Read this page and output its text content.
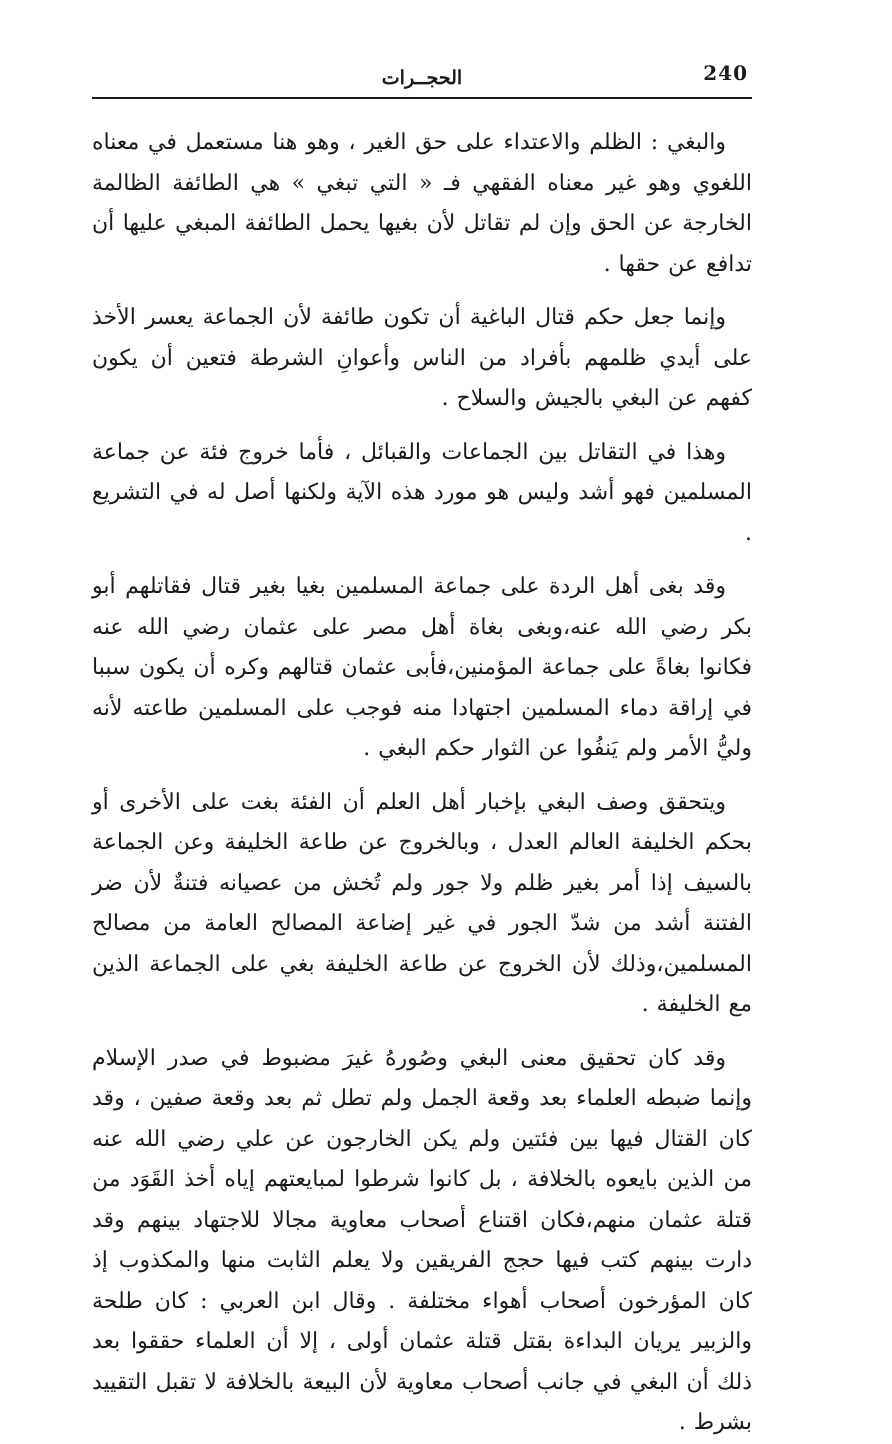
الحجــرات	240

والبغي : الظلم والاعتداء على حق الغير ، وهو هنا مستعمل في معناه اللغوي وهو غير معناه الفقهي فـ « التي تبغي » هي الطائفة الظالمة الخارجة عن الحق وإن لم تقاتل لأن بغيها يحمل الطائفة المبغي عليها أن تدافع عن حقها .

وإنما جعل حكم قتال الباغية أن تكون طائفة لأن الجماعة يعسر الأخذ على أيدي ظلمهم بأفراد من الناس وأعوانِ الشرطة فتعين أن يكون كفهم عن البغي بالجيش والسلاح .

وهذا في التقاتل بين الجماعات والقبائل ، فأما خروج فئة عن جماعة المسلمين فهو أشد وليس هو مورد هذه الآية ولكنها أصل له في التشريع .

وقد بغى أهل الردة على جماعة المسلمين بغيا بغير قتال فقاتلهم أبو بكر رضي الله عنه،وبغى بغاة أهل مصر على عثمان رضي الله عنه فكانوا بغاةً على جماعة المؤمنين،فأبى عثمان قتالهم وكره أن يكون سببا في إراقة دماء المسلمين اجتهادا منه فوجب على المسلمين طاعته لأنه وليُّ الأمر ولم يَنفُوا عن الثوار حكم البغي .

ويتحقق وصف البغي بإخبار أهل العلم أن الفئة بغت على الأخرى أو بحكم الخليفة العالم العدل ، وبالخروج عن طاعة الخليفة وعن الجماعة بالسيف إذا أمر بغير ظلم ولا جور ولم تُخش من عصيانه فتنةٌ لأن ضر الفتنة أشد من شدّ الجور في غير إضاعة المصالح العامة من مصالح المسلمين،وذلك لأن الخروج عن طاعة الخليفة بغي على الجماعة الذين مع الخليفة .

وقد كان تحقيق معنى البغي وصُورهُ غيرَ مضبوط في صدر الإسلام وإنما ضبطه العلماء بعد وقعة الجمل ولم تطل ثم بعد وقعة صفين ، وقد كان القتال فيها بين فئتين ولم يكن الخارجون عن علي رضي الله عنه من الذين بايعوه بالخلافة ، بل كانوا شرطوا لمبايعتهم إياه أخذ القَوَد من قتلة عثمان منهم،فكان اقتناع أصحاب معاوية مجالا للاجتهاد بينهم وقد دارت بينهم كتب فيها حجج الفريقين ولا يعلم الثابت منها والمكذوب إذ كان المؤرخون أصحاب أهواء مختلفة . وقال ابن العربي : كان طلحة والزبير يريان البداءة بقتل قتلة عثمان أولى ، إلا أن العلماء حققوا بعد ذلك أن البغي في جانب أصحاب معاوية لأن البيعة بالخلافة لا تقبل التقييد بشرط .
